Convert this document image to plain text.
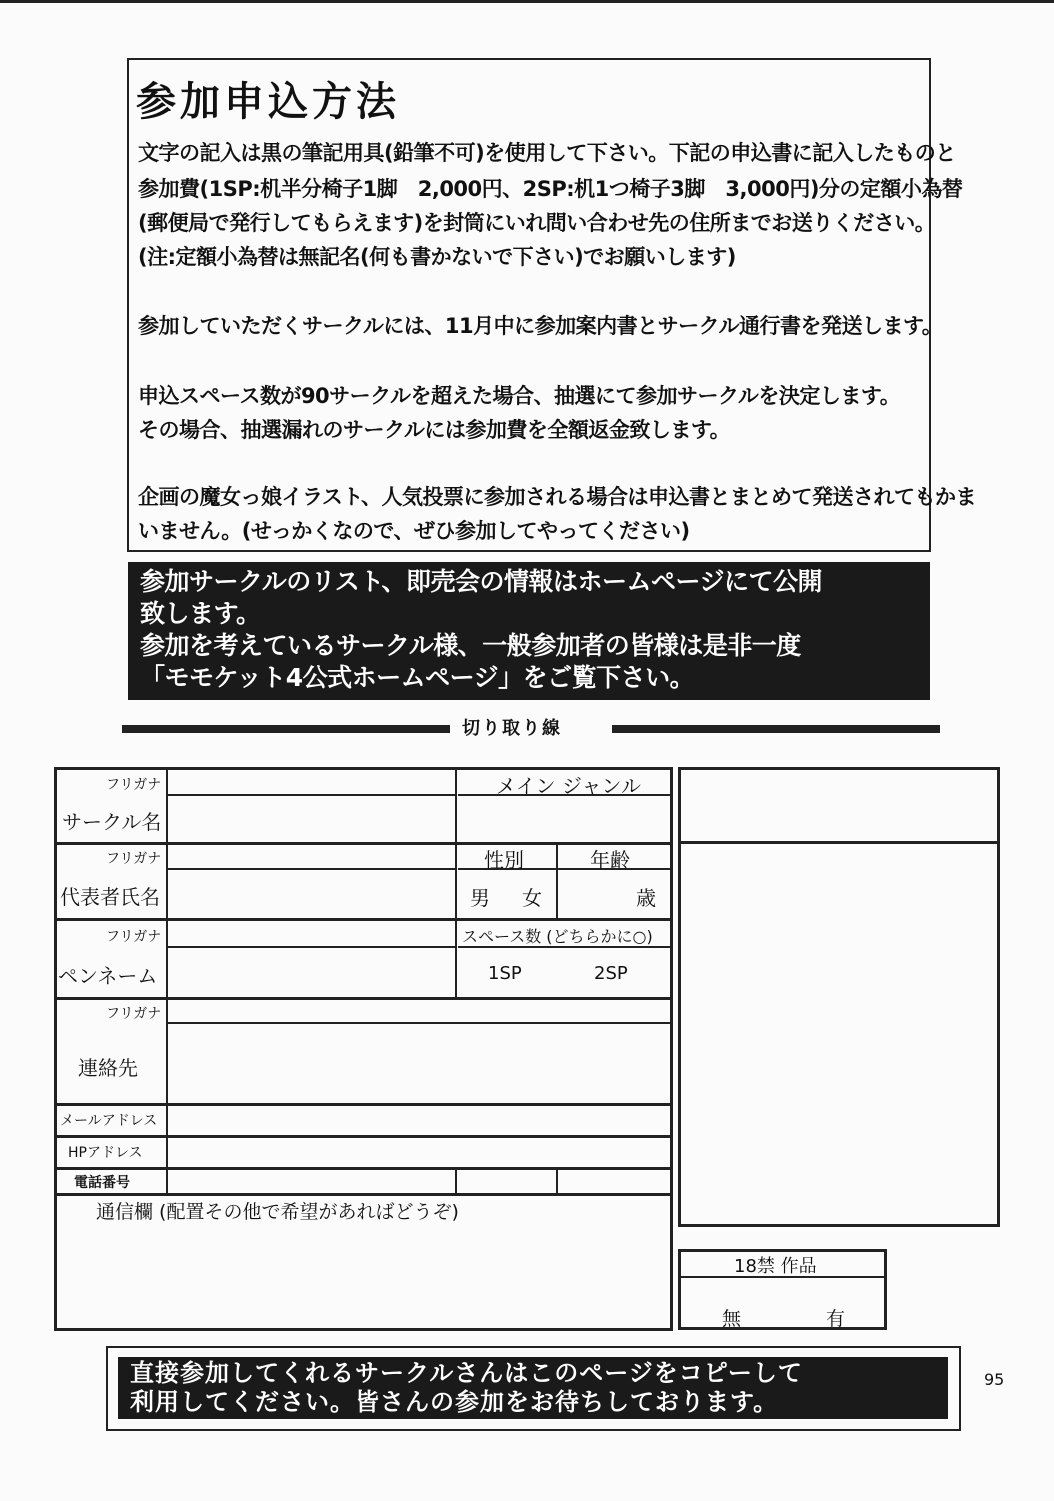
参加申込方法
文字の記入は黒の筆記用具(鉛筆不可)を使用して下さい。下記の申込書に記入したものと
参加費(1SP:机半分椅子1脚　2,000円、2SP:机1つ椅子3脚　3,000円)分の定額小為替
(郵便局で発行してもらえます)を封筒にいれ問い合わせ先の住所までお送りください。
(注:定額小為替は無記名(何も書かないで下さい)でお願いします)
参加していただくサークルには、11月中に参加案内書とサークル通行書を発送します。
申込スペース数が90サークルを超えた場合、抽選にて参加サークルを決定します。
その場合、抽選漏れのサークルには参加費を全額返金致します。
企画の魔女っ娘イラスト、人気投票に参加される場合は申込書とまとめて発送されてもかま
いません。(せっかくなので、ぜひ参加してやってください)
参加サークルのリスト、即売会の情報はホームページにて公開
致します。
参加を考えているサークル様、一般参加者の皆様は是非一度
「モモケット4公式ホームページ」をご覧下さい。
切り取り線
フリガナ
サークル名
メイン ジャンル
フリガナ
代表者氏名
性別	年齢
男 女	歳
フリガナ
ペンネーム
スペース数 (どちらかに○)
1SP	2SP
フリガナ
連絡先
メールアドレス
HPアドレス
電話番号
通信欄 (配置その他で希望があればどうぞ)
18禁 作品
無	有
直接参加してくれるサークルさんはこのページをコピーして
利用してください。皆さんの参加をお待ちしております。
95
